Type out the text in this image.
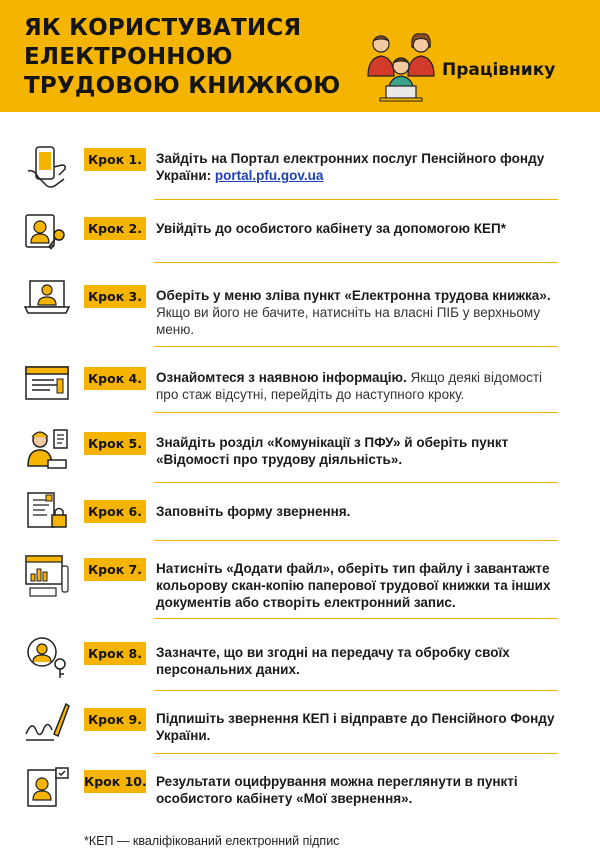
ЯК КОРИСТУВАТИСЯ
ЕЛЕКТРОННОЮ
ТРУДОВОЮ КНИЖКОЮ
Працівнику
Крок 1. Зайдіть на Портал електронних послуг Пенсійного фонду України: portal.pfu.gov.ua
Крок 2. Увійдіть до особистого кабінету за допомогою КЕП*
Крок 3. Оберіть у меню зліва пункт «Електронна трудова книжка». Якщо ви його не бачите, натисніть на власні ПІБ у верхньому меню.
Крок 4. Ознайомтеся з наявною інформацію. Якщо деякі відомості про стаж відсутні, перейдіть до наступного кроку.
Крок 5. Знайдіть розділ «Комунікації з ПФУ» й оберіть пункт «Відомості про трудову діяльність».
Крок 6. Заповніть форму звернення.
Крок 7. Натисніть «Додати файл», оберіть тип файлу і завантажте кольорову скан-копію паперової трудової книжки та інших документів або створіть електронний запис.
Крок 8. Зазначте, що ви згодні на передачу та обробку своїх персональних даних.
Крок 9. Підпишіть звернення КЕП і відправте до Пенсійного Фонду України.
Крок 10. Результати оцифрування можна переглянути в пункті особистого кабінету «Мої звернення».
*КЕП — кваліфікований електронний підпис
